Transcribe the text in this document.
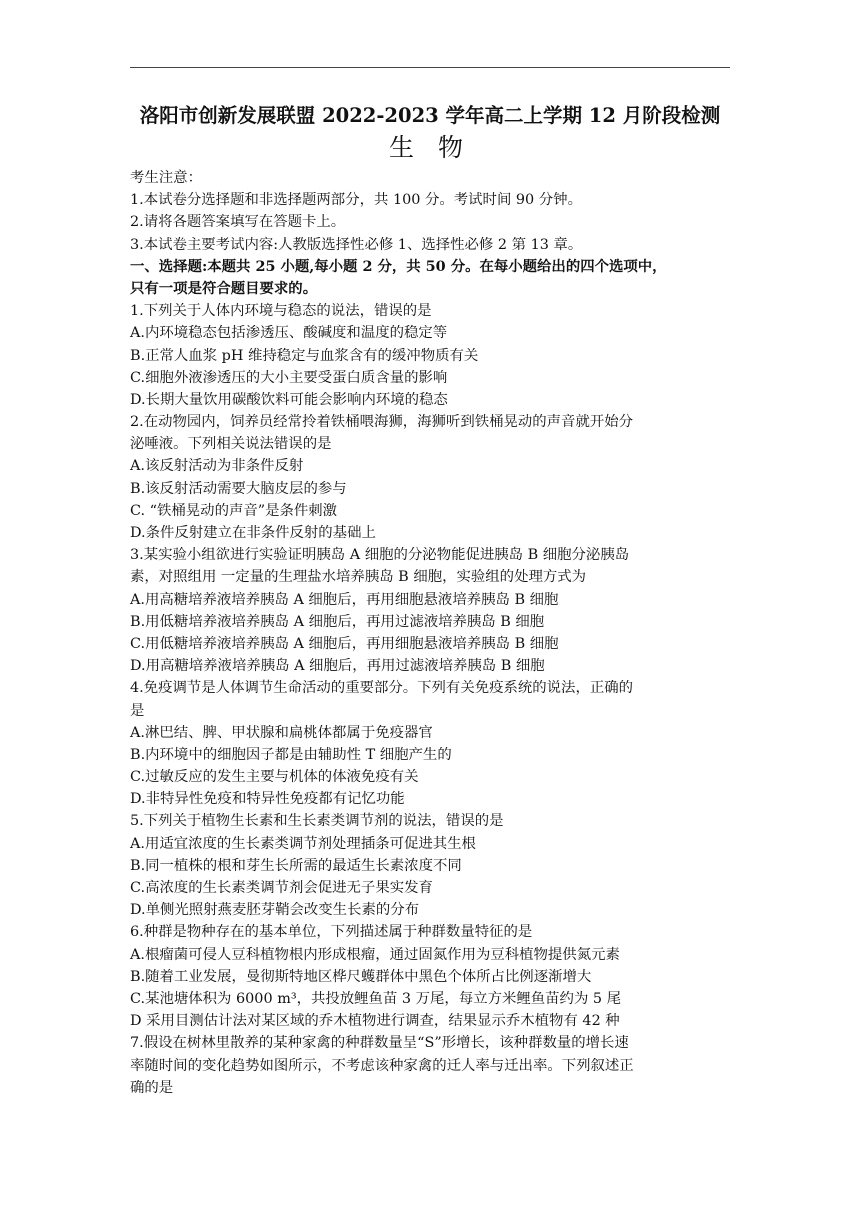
洛阳市创新发展联盟 2022-2023 学年高二上学期 12 月阶段检测
生 物
考生注意：
1.本试卷分选择题和非选择题两部分，共 100 分。考试时间 90 分钟。
2.请将各题答案填写在答题卡上。
3.本试卷主要考试内容:人教版选择性必修 1、选择性必修 2 第 13 章。
一、选择题:本题共 25 小题,每小题 2 分，共 50 分。在每小题给出的四个选项中，
只有一项是符合题目要求的。
1.下列关于人体内环境与稳态的说法，错误的是
A.内环境稳态包括渗透压、酸碱度和温度的稳定等
B.正常人血浆 pH 维持稳定与血浆含有的缓冲物质有关
C.细胞外液渗透压的大小主要受蛋白质含量的影响
D.长期大量饮用碳酸饮料可能会影响内环境的稳态
2.在动物园内，饲养员经常拎着铁桶喂海狮，海狮听到铁桶晃动的声音就开始分
泌唾液。下列相关说法错误的是
A.该反射活动为非条件反射
B.该反射活动需要大脑皮层的参与
C. “铁桶晃动的声音”是条件刺激
D.条件反射建立在非条件反射的基础上
3.某实验小组欲进行实验证明胰岛 A 细胞的分泌物能促进胰岛 B 细胞分泌胰岛
素，对照组用 一定量的生理盐水培养胰岛 B 细胞，实验组的处理方式为
A.用高糖培养液培养胰岛 A 细胞后，再用细胞悬液培养胰岛 B 细胞
B.用低糖培养液培养胰岛 A 细胞后，再用过滤液培养胰岛 B 细胞
C.用低糖培养液培养胰岛 A 细胞后，再用细胞悬液培养胰岛 B 细胞
D.用高糖培养液培养胰岛 A 细胞后，再用过滤液培养胰岛 B 细胞
4.免疫调节是人体调节生命活动的重要部分。下列有关免疫系统的说法，正确的
是
A.淋巴结、脾、甲状腺和扁桃体都属于免疫器官
B.内环境中的细胞因子都是由辅助性 T 细胞产生的
C.过敏反应的发生主要与机体的体液免疫有关
D.非特异性免疫和特异性免疫都有记忆功能
5.下列关于植物生长素和生长素类调节剂的说法，错误的是
A.用适宜浓度的生长素类调节剂处理插条可促进其生根
B.同一植株的根和芽生长所需的最适生长素浓度不同
C.高浓度的生长素类调节剂会促进无子果实发育
D.单侧光照射燕麦胚芽鞘会改变生长素的分布
6.种群是物种存在的基本单位，下列描述属于种群数量特征的是
A.根瘤菌可侵人豆科植物根内形成根瘤，通过固氮作用为豆科植物提供氮元素
B.随着工业发展，曼彻斯特地区桦尺蠖群体中黑色个体所占比例逐渐增大
C.某池塘体积为 6000 m³，共投放鲤鱼苗 3 万尾，每立方米鲤鱼苗约为 5 尾
D 采用目测估计法对某区域的乔木植物进行调查，结果显示乔木植物有 42 种
7.假设在树林里散养的某种家禽的种群数量呈“S”形增长，该种群数量的增长速
率随时间的变化趋势如图所示，不考虑该种家禽的迁人率与迁出率。下列叙述正
确的是
